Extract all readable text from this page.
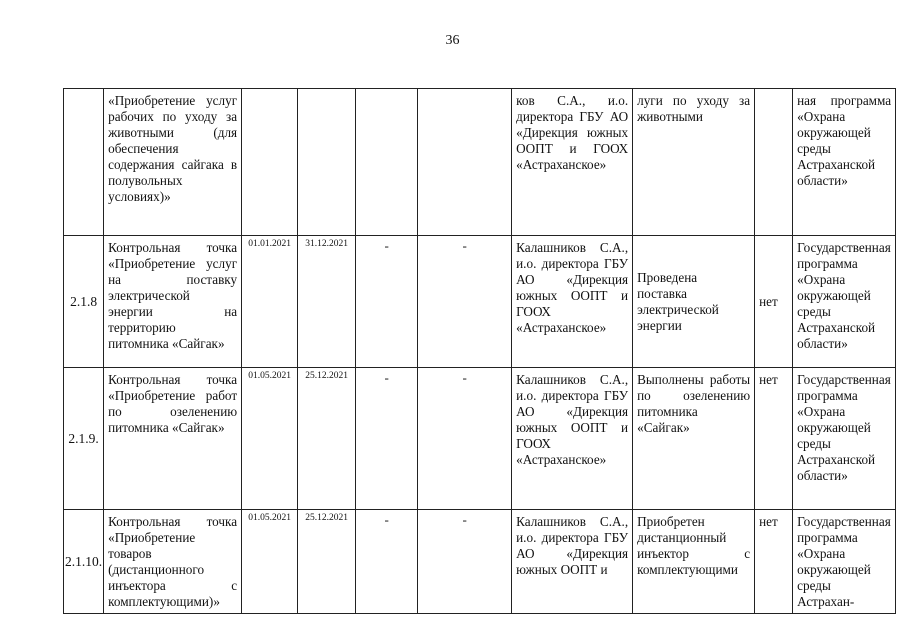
36
	«Приобретение услуг рабочих по уходу за животными (для обеспечения содержания сайгака в полувольных условиях)»					ков С.А., и.о. директора ГБУ АО «Дирекция южных ООПТ и ГООХ «Астраханское»	луги по уходу за животными		ная программа «Охрана окружающей среды Астраханской области»
2.1.8	Контрольная точка «Приобретение услуг на поставку электрической энергии на территорию питомника «Сайгак»	01.01.2021	31.12.2021	-	-	Калашников С.А., и.о. директора ГБУ АО «Дирекция южных ООПТ и ГООХ «Астраханское»	Проведена поставка электрической энергии	нет	Государственная программа «Охрана окружающей среды Астраханской области»
2.1.9.	Контрольная точка «Приобретение работ по озеленению питомника «Сайгак»	01.05.2021	25.12.2021	-	-	Калашников С.А., и.о. директора ГБУ АО «Дирекция южных ООПТ и ГООХ «Астраханское»	Выполнены работы по озеленению питомника «Сайгак»	нет	Государственная программа «Охрана окружающей среды Астраханской области»
2.1.10.	Контрольная точка «Приобретение товаров (дистанционного инъектора с комплектующими)»	01.05.2021	25.12.2021	-	-	Калашников С.А., и.о. директора ГБУ АО «Дирекция южных ООПТ и	Приобретен дистанционный инъектор с комплектующими	нет	Государственная программа «Охрана окружающей среды Астрахан-
